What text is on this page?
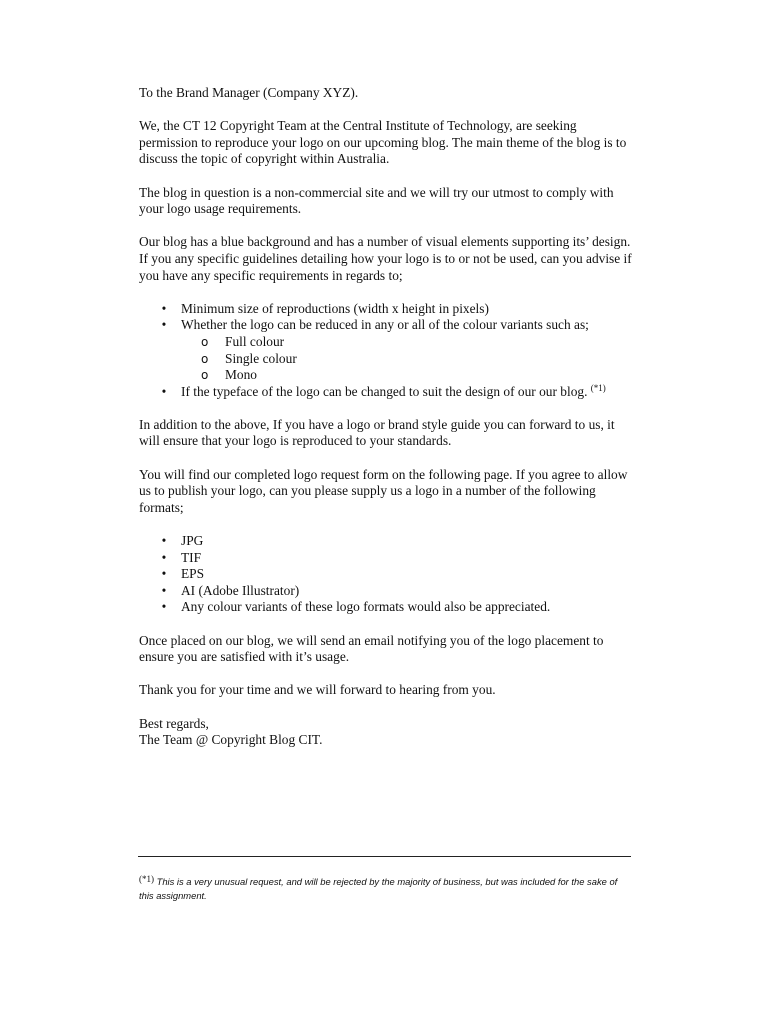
To the Brand Manager (Company XYZ).

We, the CT 12 Copyright Team at the Central Institute of Technology, are seeking permission to reproduce your logo on our upcoming blog. The main theme of the blog is to discuss the topic of copyright within Australia.

The blog in question is a non-commercial site and we will try our utmost to comply with your logo usage requirements.

Our blog has a blue background and has a number of visual elements supporting its’ design. If you any specific guidelines detailing how your logo is to or not be used, can you advise if you have any specific requirements in regards to;

• Minimum size of reproductions (width x height in pixels)
• Whether the logo can be reduced in any or all of the colour variants such as;
o Full colour
o Single colour
o Mono
• If the typeface of the logo can be changed to suit the design of our our blog. $^{(*1)}$

In addition to the above, If you have a logo or brand style guide you can forward to us, it will ensure that your logo is reproduced to your standards.

You will find our completed logo request form on the following page. If you agree to allow us to publish your logo, can you please supply us a logo in a number of the following formats;

• JPG
• TIF
• EPS
• AI (Adobe Illustrator)
• Any colour variants of these logo formats would also be appreciated.

Once placed on our blog, we will send an email notifying you of the logo placement to ensure you are satisfied with it’s usage.

Thank you for your time and we will forward to hearing from you.

Best regards,

The Team @ Copyright Blog CIT.

(*1) This is a very unusual request, and will be rejected by the majority of business, but was included for the sake of this assignment.
